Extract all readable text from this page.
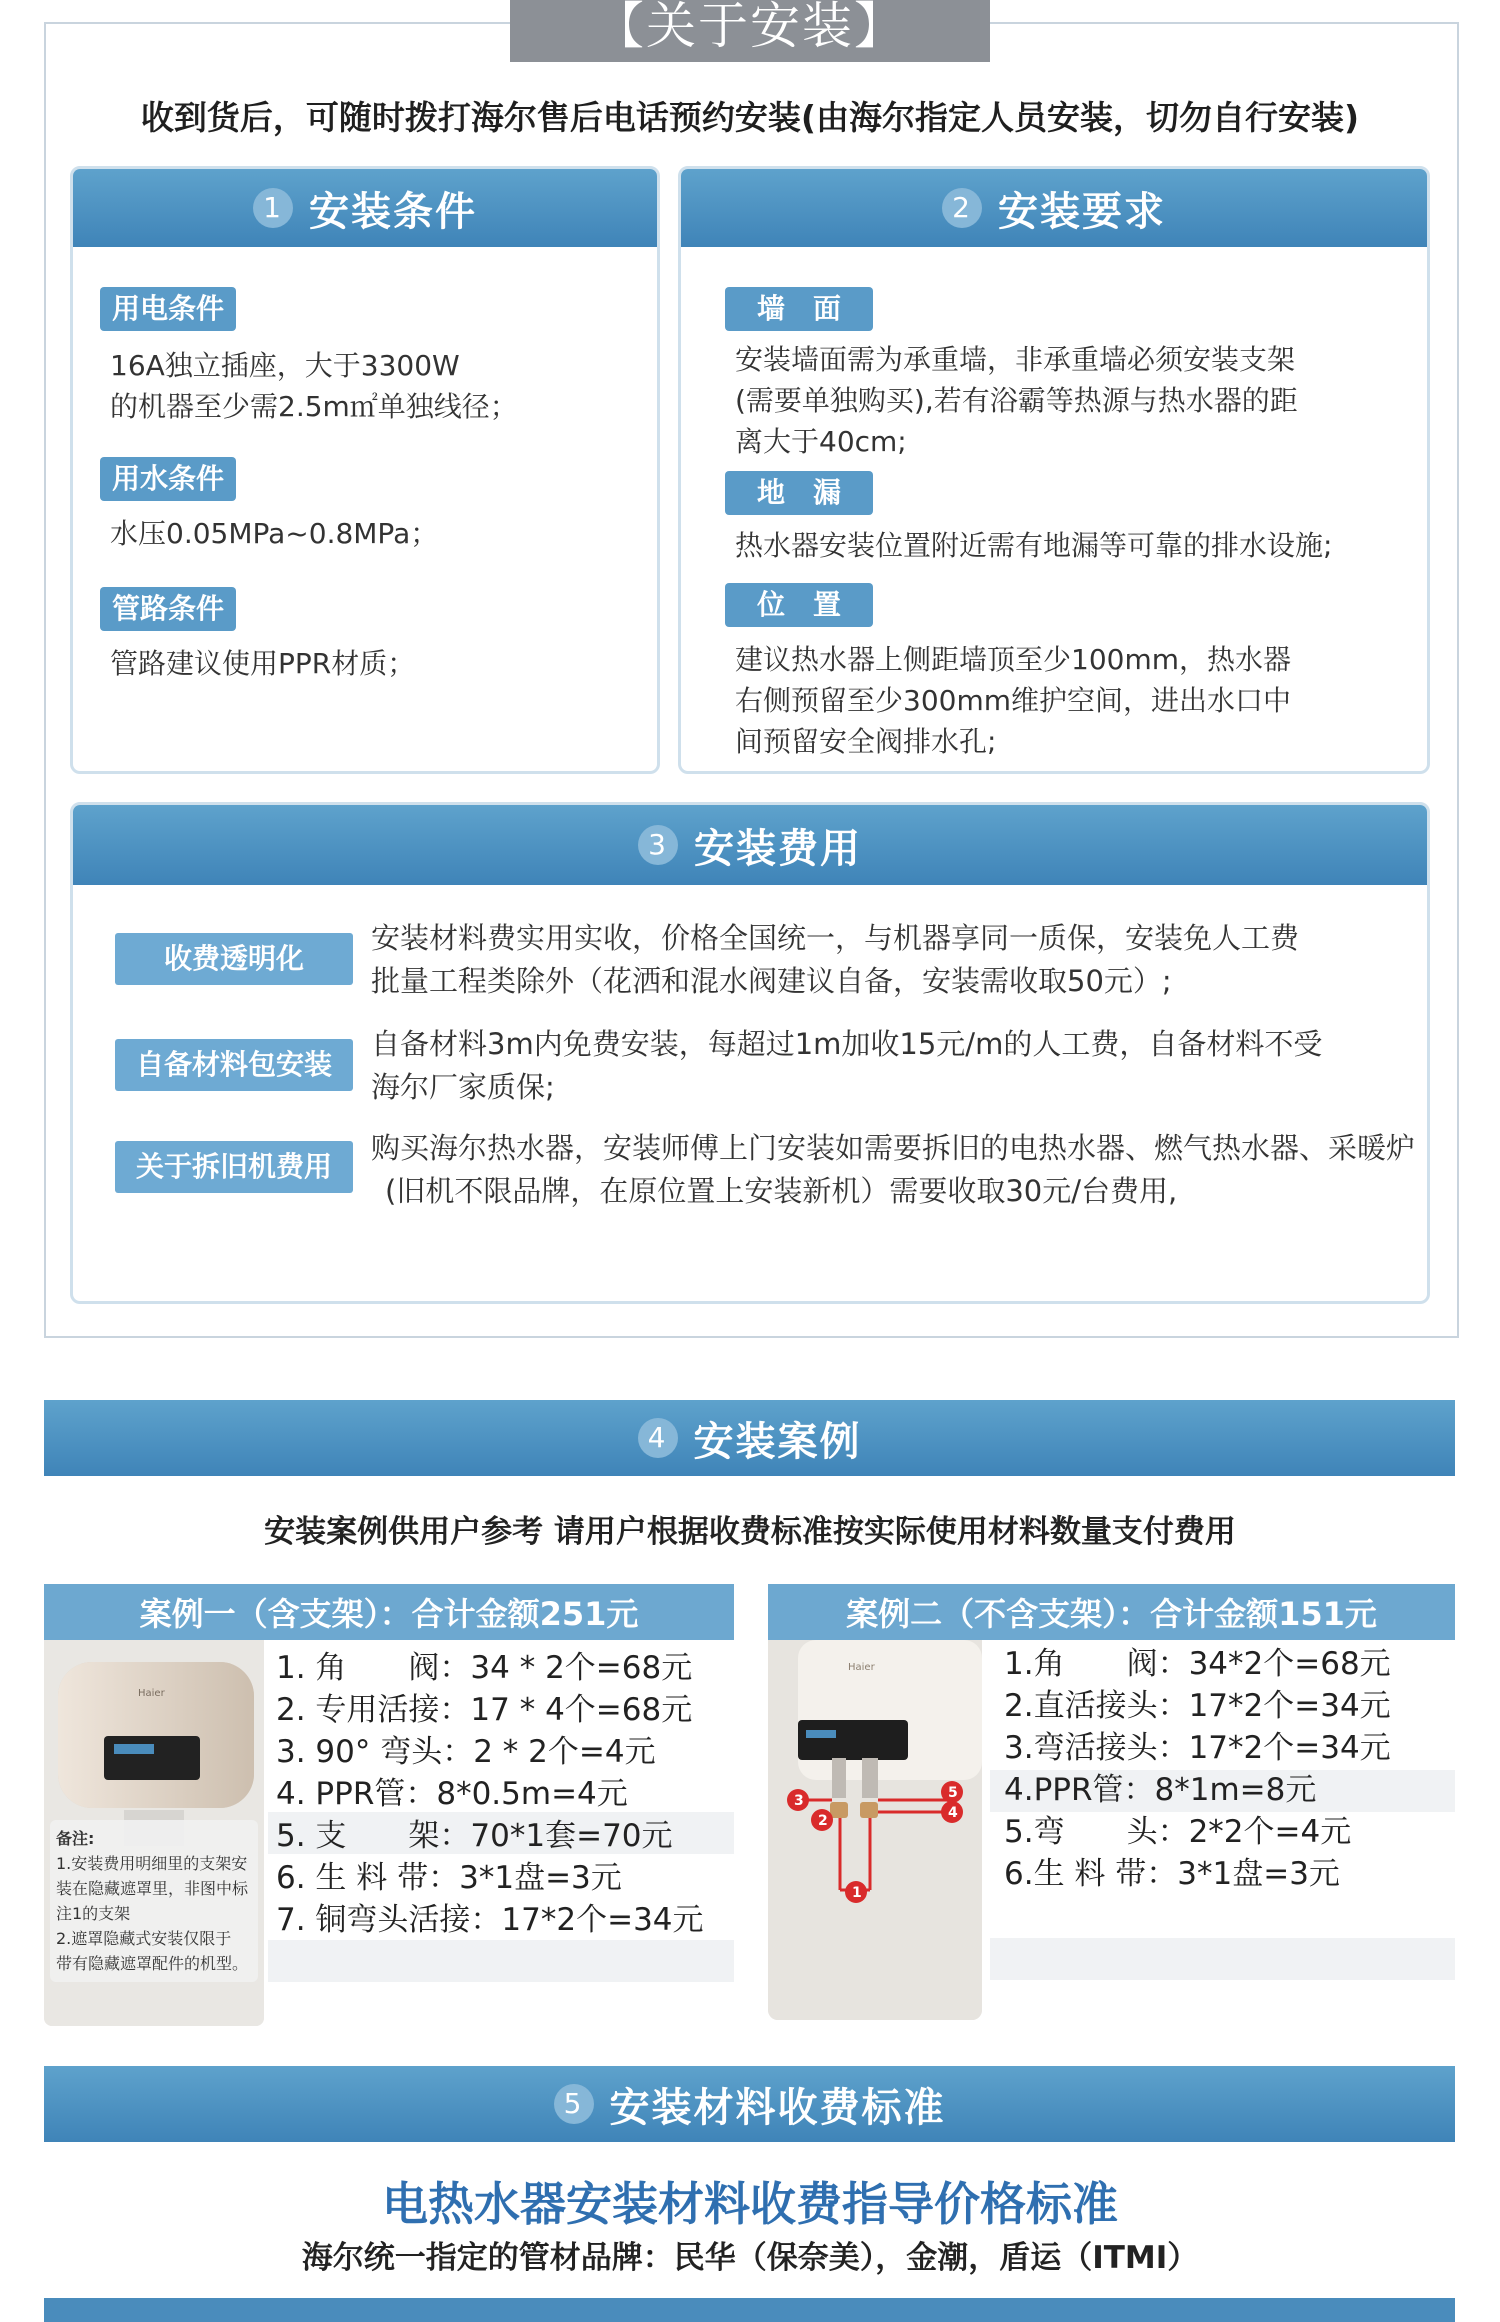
【关于安装】
收到货后，可随时拨打海尔售后电话预约安装(由海尔指定人员安装，切勿自行安装)
1 安装条件
用电条件
16A独立插座，大于3300W
的机器至少需2.5m㎡单独线径；
用水条件
水压0.05MPa~0.8MPa；
管路条件
管路建议使用PPR材质；
2 安装要求
墙　面
安装墙面需为承重墙，非承重墙必须安装支架
(需要单独购买),若有浴霸等热源与热水器的距
离大于40cm;
地　漏
热水器安装位置附近需有地漏等可靠的排水设施;
位　置
建议热水器上侧距墙顶至少100mm，热水器
右侧预留至少300mm维护空间，进出水口中
间预留安全阀排水孔;
3 安装费用
收费透明化
安装材料费实用实收，价格全国统一，与机器享同一质保，安装免人工费
批量工程类除外（花洒和混水阀建议自备，安装需收取50元）;
自备材料包安装
自备材料3m内免费安装，每超过1m加收15元/m的人工费，自备材料不受
海尔厂家质保;
关于拆旧机费用
购买海尔热水器，安装师傅上门安装如需要拆旧的电热水器、燃气热水器、采暖炉
(旧机不限品牌，在原位置上安装新机）需要收取30元/台费用,
4 安装案例
安装案例供用户参考 请用户根据收费标准按实际使用材料数量支付费用
案例一（含支架）：合计金额251元
Haier
备注:
1.安装费用明细里的支架安
装在隐藏遮罩里，非图中标
注1的支架
2.遮罩隐藏式安装仅限于
带有隐藏遮罩配件的机型。
1. 角　　阀：34 * 2个=68元
2. 专用活接：17 * 4个=68元
3. 90° 弯头：2 * 2个=4元
4. PPR管：8*0.5m=4元
5. 支　　架：70*1套=70元
6. 生 料 带：3*1盘=3元
7. 铜弯头活接：17*2个=34元
案例二（不含支架）：合计金额151元
Haier
1
2
3
4
5
1.角　　阀：34*2个=68元
2.直活接头：17*2个=34元
3.弯活接头：17*2个=34元
4.PPR管：8*1m=8元
5.弯　　头：2*2个=4元
6.生 料 带：3*1盘=3元
5 安装材料收费标准
电热水器安装材料收费指导价格标准
海尔统一指定的管材品牌：民华（保奈美），金潮，盾运（ITMI）
